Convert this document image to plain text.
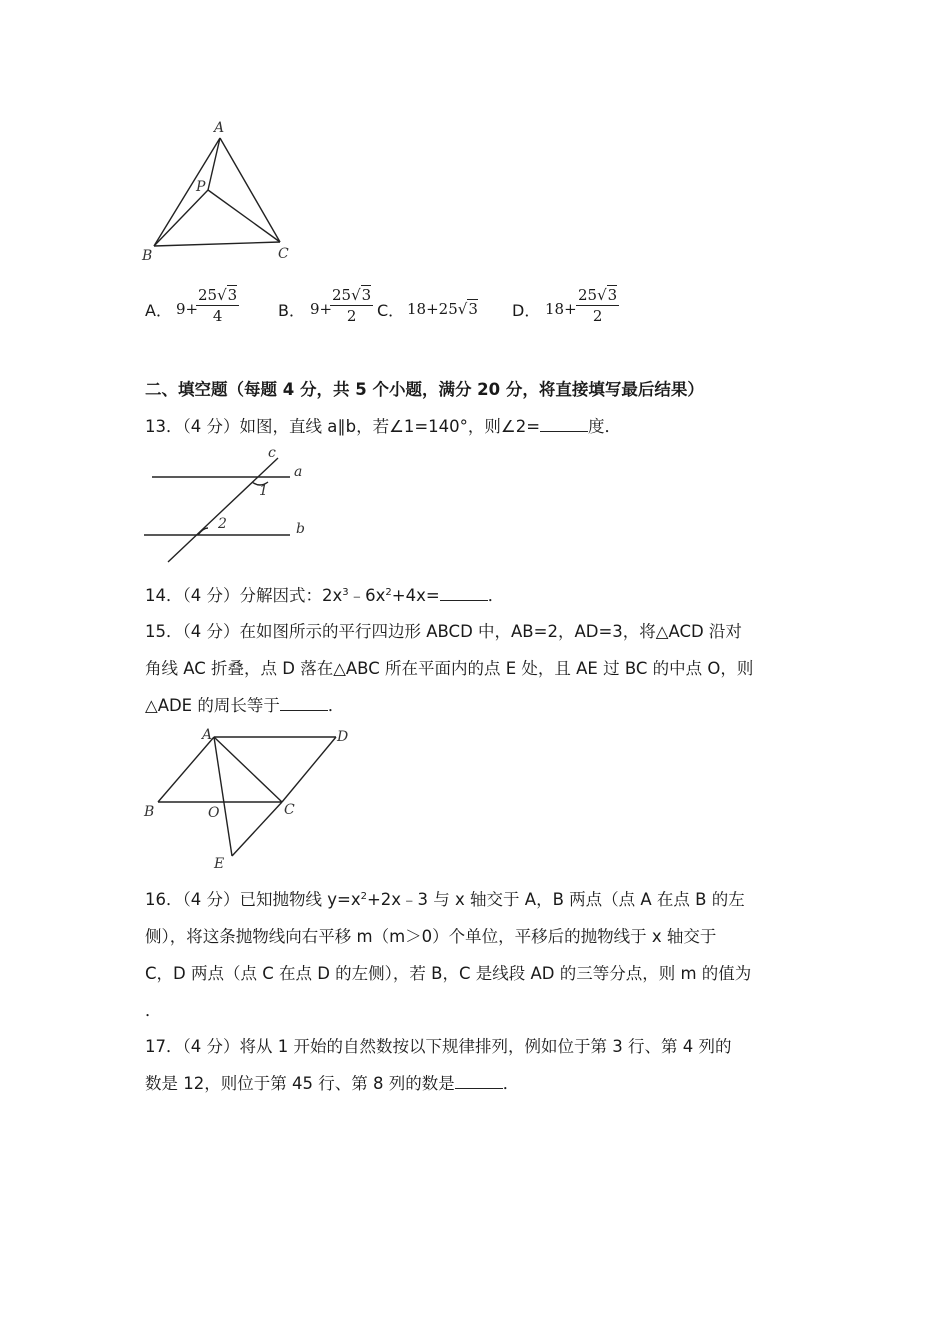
A
P
B	C
A． 9+
$\frac{25√3}{4}$ B． 9+
$\frac{25√3}{2}$ C． 18+25√3 D． $18+ \frac{25√3}{2}$
二、填空题（每题 4 分，共 5 个小题，满分 20 分，将直接填写最后结果）
13．（4 分）如图，直线 a∥b，若∠1=140°，则∠2=	度．
c
a
b
1
2
14．（4 分）分解因式：$2x^3﹣6x^2+4x=$	．
15．（4 分）在如图所示的平行四边形 ABCD 中，AB=2，AD=3，将△ACD 沿对
角线 AC 折叠，点 D 落在△ABC 所在平面内的点 E 处，且 AE 过 BC 的中点 O，则
△ADE 的周长等于	．
A	D
B	O	C
E
16．（4 分）已知抛物线 $y=x^2+2x﹣3$ 与 x 轴交于 A，B 两点（点 A 在点 B 的左
侧），将这条抛物线向右平移 m（m＞0）个单位，平移后的抛物线于 x 轴交于
C，D 两点（点 C 在点 D 的左侧），若 B，C 是线段 AD 的三等分点，则 m 的值为
．
17．（4 分）将从 1 开始的自然数按以下规律排列，例如位于第 3 行、第 4 列的
数是 12，则位于第 45 行、第 8 列的数是	．
